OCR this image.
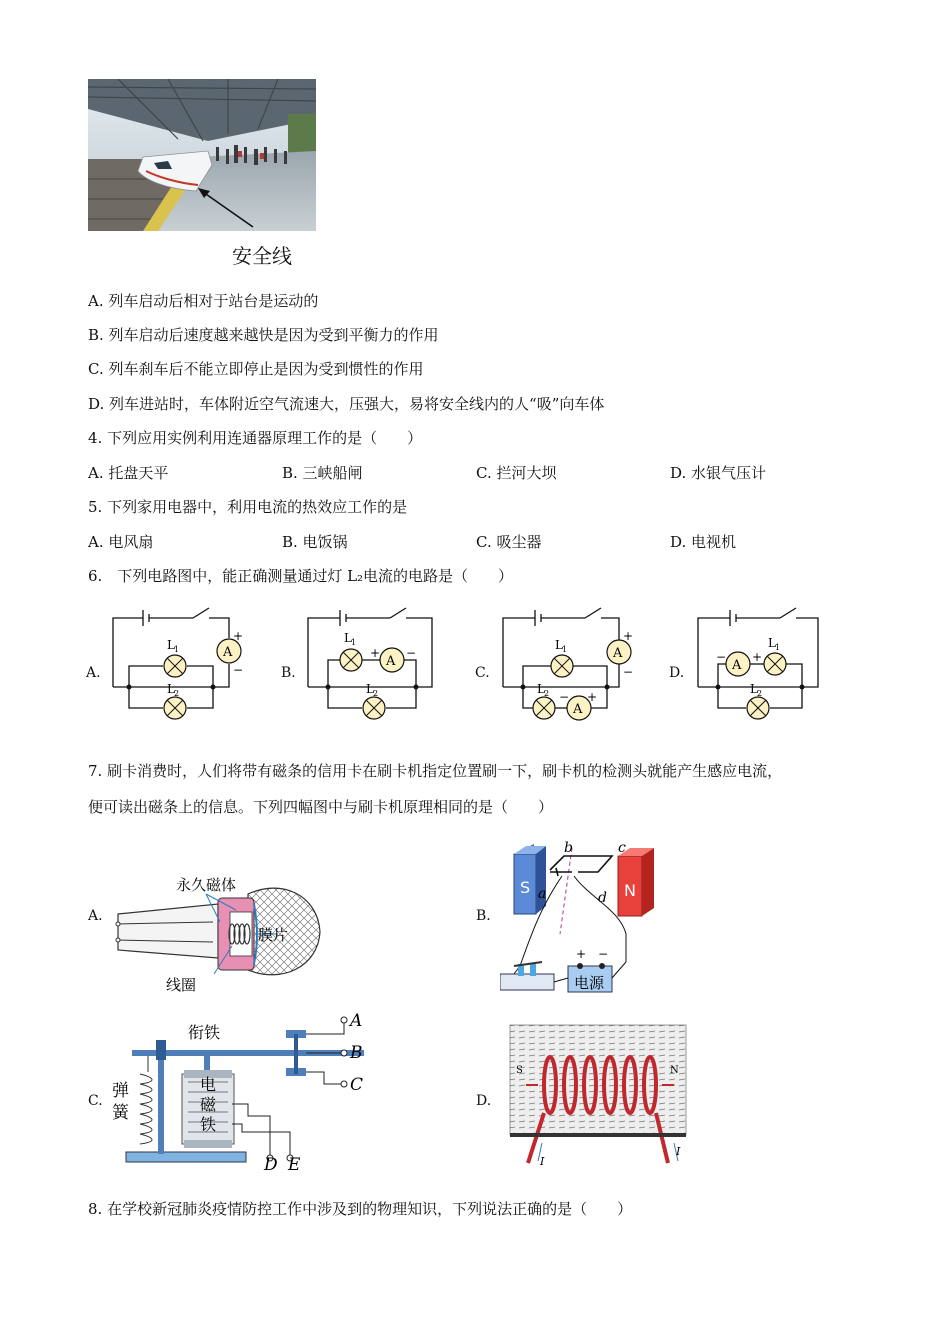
安全线
A. 列车启动后相对于站台是运动的
B. 列车启动后速度越来越快是因为受到平衡力的作用
C. 列车刹车后不能立即停止是因为受到惯性的作用
D. 列车进站时，车体附近空气流速大，压强大，易将安全线内的人“吸”向车体
4. 下列应用实例利用连通器原理工作的是（　　）
A. 托盘天平	B. 三峡船闸	C. 拦河大坝	D. 水银气压计
5. 下列家用电器中，利用电流的热效应工作的是
A. 电风扇	B. 电饭锅	C. 吸尘器	D. 电视机
6.　下列电路图中，能正确测量通过灯 L₂电流的电路是（　　）
A.	B.	C.	D.
A
L 1
L 2
+
−
A
L 1
L 2
+ −	A
A
L 1
L 2
+
−
− +
A
L 1
L 2
− +
7. 刷卡消费时，人们将带有磁条的信用卡在刷卡机指定位置刷一下，刷卡机的检测头就能产生感应电流，
便可读出磁条上的信息。下列四幅图中与刷卡机原理相同的是（　　）
A.	B.
C.	D.
永久磁体
膜片
线圈
S	N
b	c
a	d
电源
+ −
衔铁
弹
簧
电
磁
铁
A
B
C
D E
S	N
I
I
8. 在学校新冠肺炎疫情防控工作中涉及到的物理知识，下列说法正确的是（　　）
